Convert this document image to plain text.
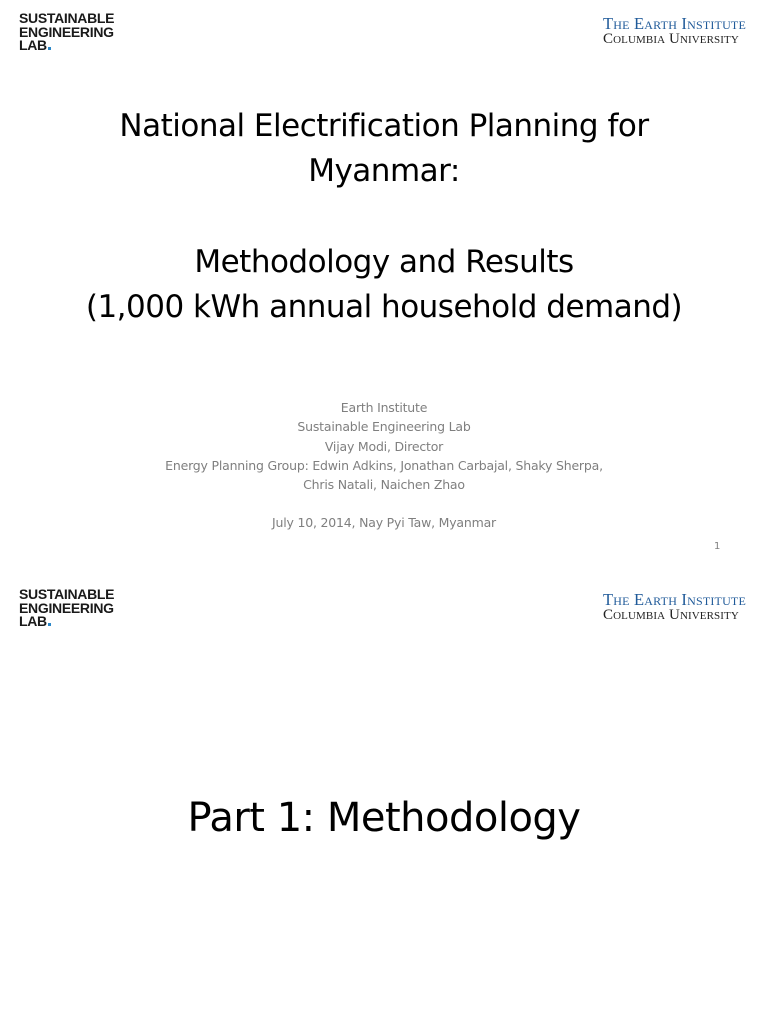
SUSTAINABLE
ENGINEERING
LAB
The Earth Institute
Columbia University
National Electrification Planning for
Myanmar:
Methodology and Results
(1,000 kWh annual household demand)
Earth Institute
Sustainable Engineering Lab
Vijay Modi, Director
Energy Planning Group: Edwin Adkins, Jonathan Carbajal, Shaky Sherpa,
Chris Natali, Naichen Zhao
July 10, 2014, Nay Pyi Taw, Myanmar
1
SUSTAINABLE
ENGINEERING
LAB
The Earth Institute
Columbia University
Part 1: Methodology
